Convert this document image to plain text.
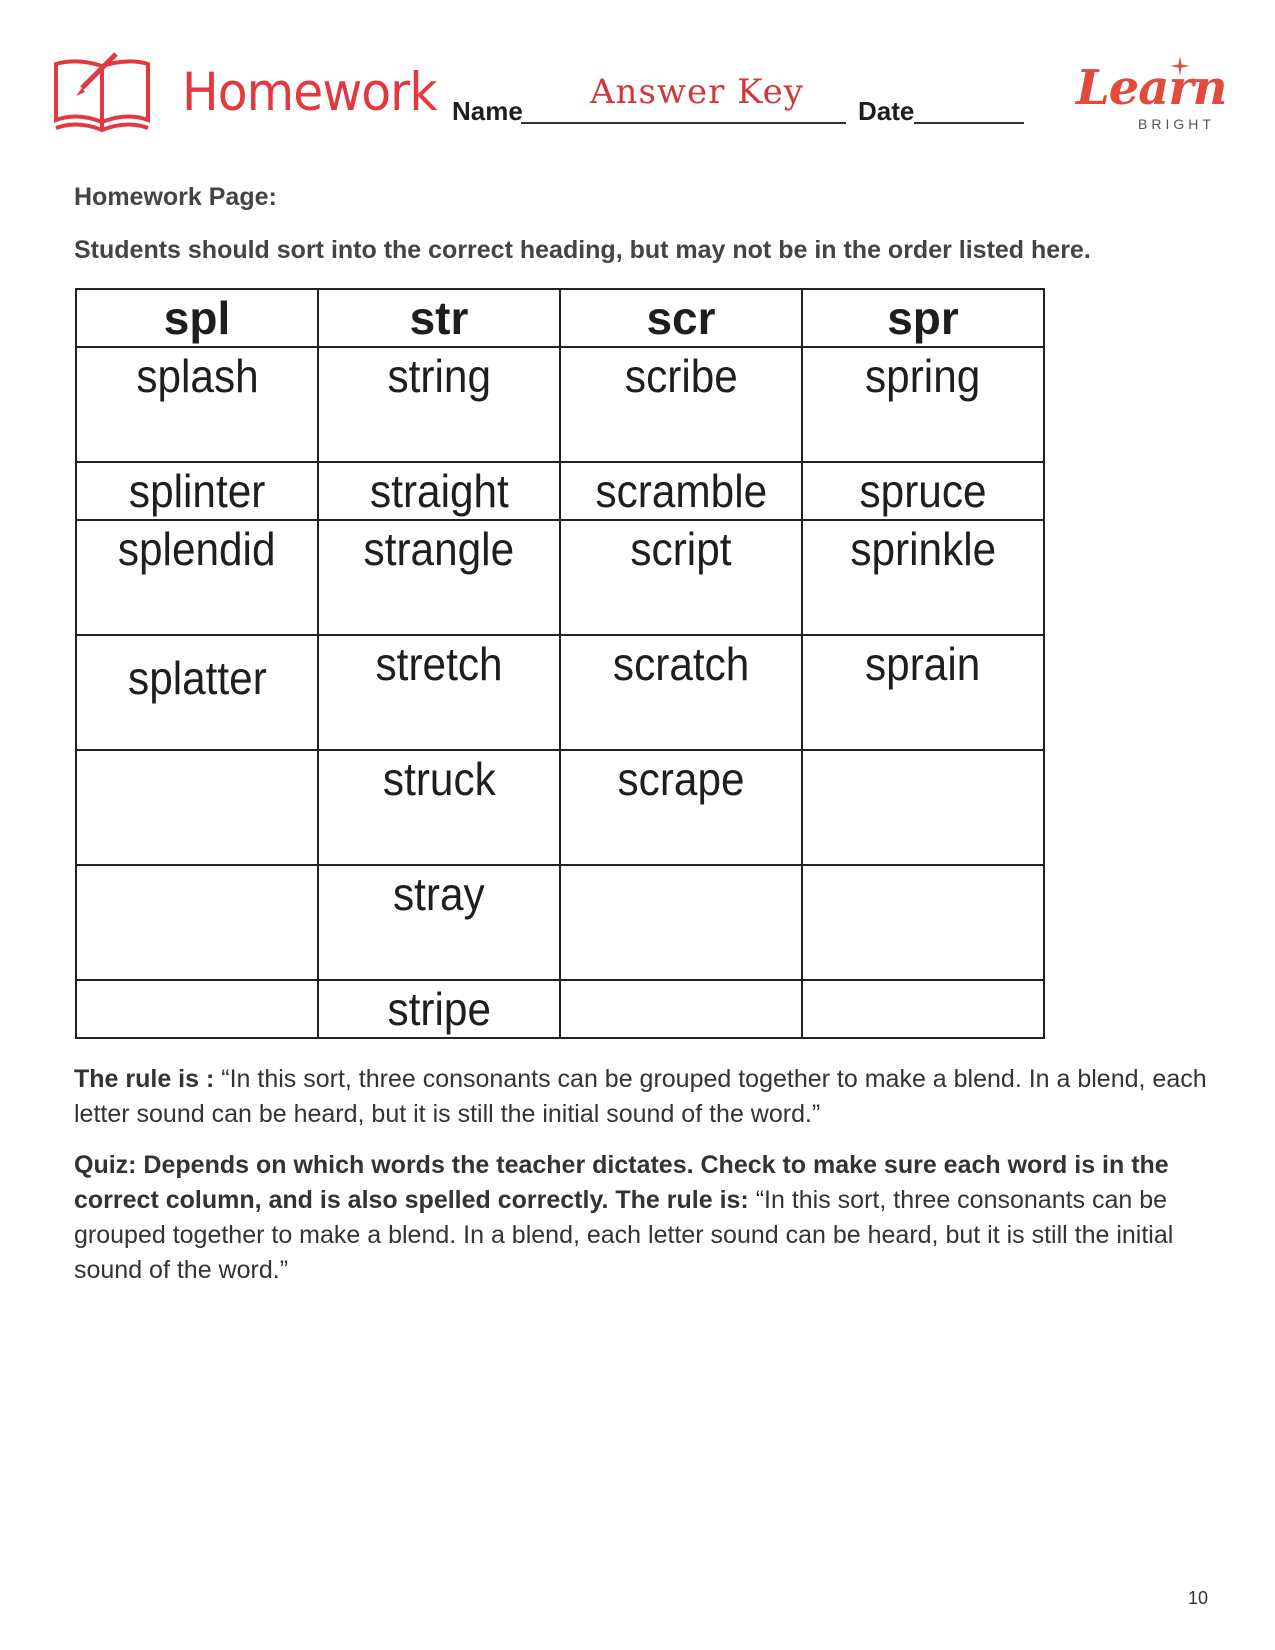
Homework Name Answer Key Date	Learn
BRIGHT
Homework Page:
Students should sort into the correct heading, but may not be in the order listed here.
spl	str	scr	spr
splash	string	scribe	spring
splinter	straight	scramble	spruce
splendid	strangle	script	sprinkle
splatter	stretch	scratch	sprain
	struck	scrape	
	stray		
	stripe		
The rule is : “In this sort, three consonants can be grouped together to make a blend. In a blend, each letter sound can be heard, but it is still the initial sound of the word.”
Quiz: Depends on which words the teacher dictates. Check to make sure each word is in the correct column, and is also spelled correctly. The rule is: “In this sort, three consonants can be grouped together to make a blend. In a blend, each letter sound can be heard, but it is still the initial sound of the word.”
10
